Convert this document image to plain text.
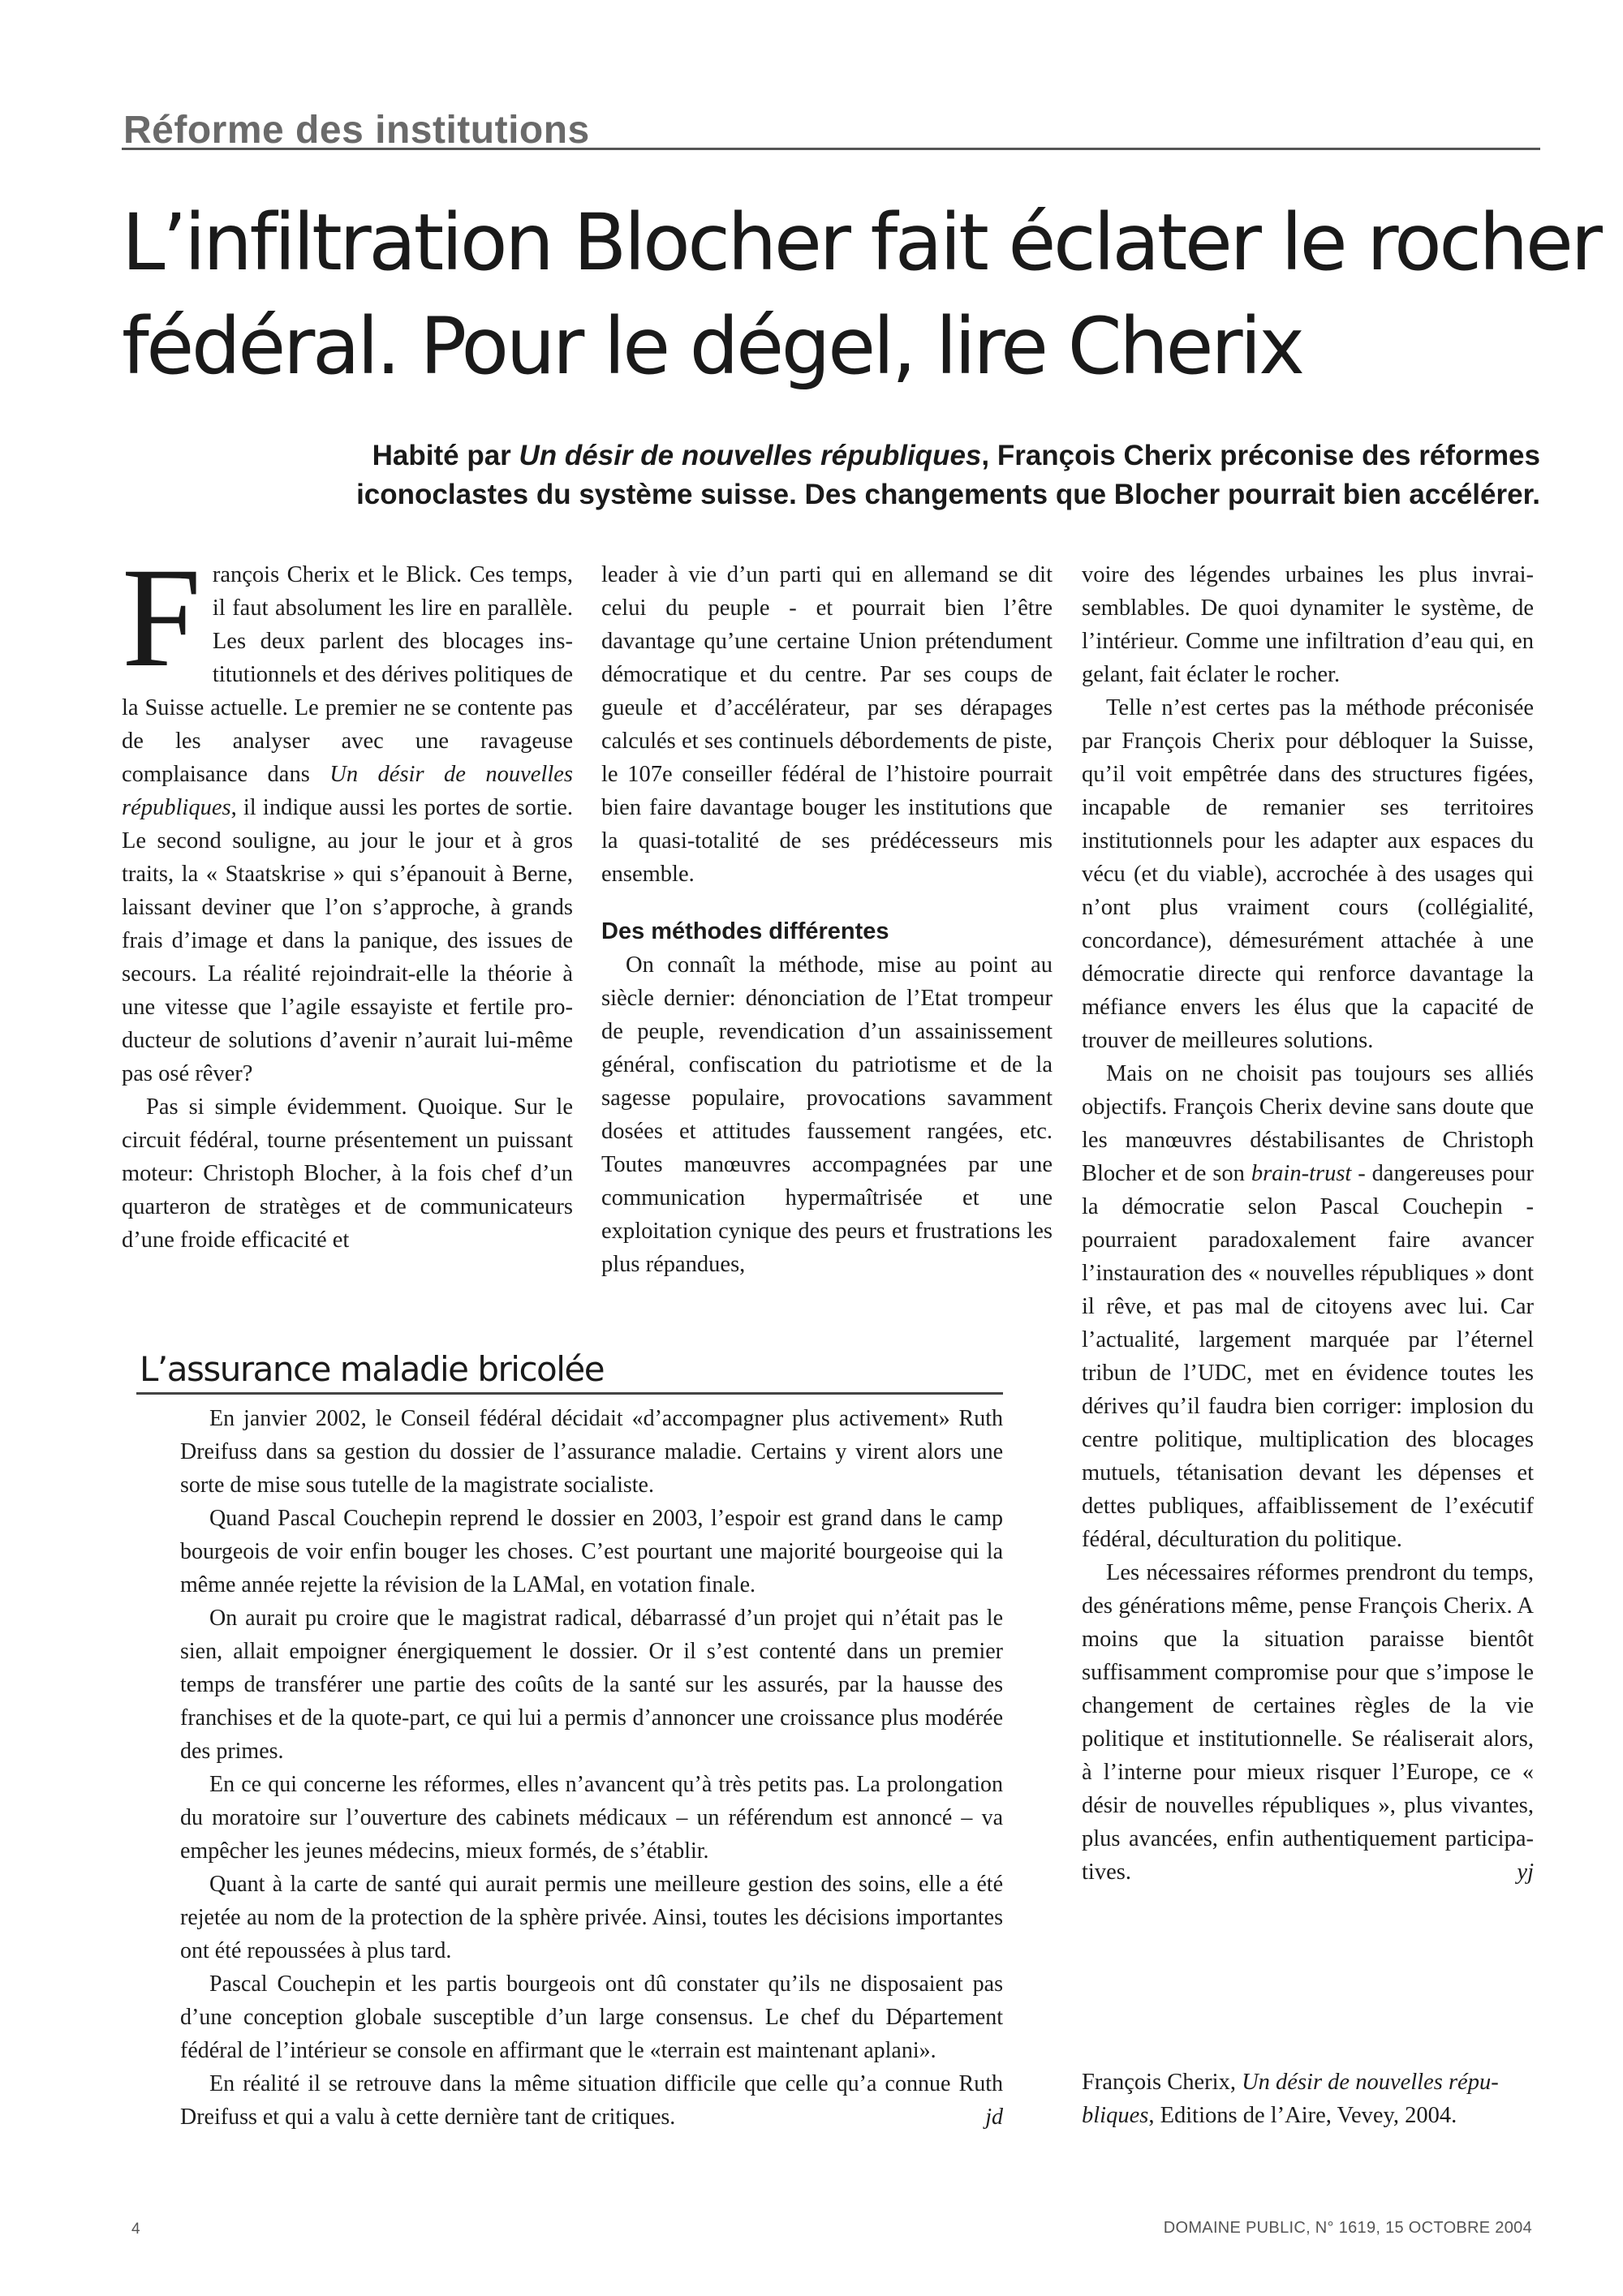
Réforme des institutions
L’infiltration Blocher fait éclater le rocher
fédéral. Pour le dégel, lire Cherix
Habité par Un désir de nouvelles républiques, François Cherix préconise des réformes
iconoclastes du système suisse. Des changements que Blocher pourrait bien accélérer.

François Cherix et le Blick. Ces temps, il faut absolument les lire en parallèle. Les deux parlent des blocages institutionnels et des dérives politiques de la Suisse actuelle. Le premier ne se contente pas de les analyser avec une ravageuse complaisance dans Un désir de nouvelles républiques, il indique aussi les portes de sortie. Le second souligne, au jour le jour et à gros traits, la « Staatskrise » qui s’épanouit à Berne, laissant deviner que l’on s’approche, à grands frais d’image et dans la panique, des issues de secours. La réalité rejoindrait-elle la théorie à une vitesse que l’agile essayiste et fertile producteur de solutions d’avenir n’aurait lui-même pas osé rêver?

Pas si simple évidemment. Quoique. Sur le circuit fédéral, tourne présentement un puissant moteur: Christoph Blocher, à la fois chef d’un quarteron de stratèges et de communicateurs d’une froide efficacité et

leader à vie d’un parti qui en allemand se dit celui du peuple - et pourrait bien l’être davantage qu’une certaine Union prétendument démocratique et du centre. Par ses coups de gueule et d’accélérateur, par ses dérapages calculés et ses continuels débordements de piste, le 107e conseiller fédéral de l’histoire pourrait bien faire davantage bouger les institutions que la quasi-totalité de ses prédécesseurs mis ensemble.

Des méthodes différentes

On connaît la méthode, mise au point au siècle dernier: dénonciation de l’Etat trompeur de peuple, revendication d’un assainissement général, confiscation du patriotisme et de la sagesse populaire, provocations savamment dosées et attitudes faussement rangées, etc. Toutes manœuvres accompagnées par une communication hypermaîtrisée et une exploitation cynique des peurs et frustrations les plus répandues,

voire des légendes urbaines les plus invraisemblables. De quoi dynamiter le système, de l’intérieur. Comme une infiltration d’eau qui, en gelant, fait éclater le rocher.

Telle n’est certes pas la méthode préconisée par François Cherix pour débloquer la Suisse, qu’il voit empêtrée dans des structures figées, incapable de remanier ses territoires institutionnels pour les adapter aux espaces du vécu (et du viable), accrochée à des usages qui n’ont plus vraiment cours (collégialité, concordance), démesurément attachée à une démocratie directe qui renforce davantage la méfiance envers les élus que la capacité de trouver de meilleures solutions.

Mais on ne choisit pas toujours ses alliés objectifs. François Cherix devine sans doute que les manœuvres déstabilisantes de Christoph Blocher et de son brain-trust - dangereuses pour la démocratie selon Pascal Couchepin - pourraient paradoxalement faire avancer l’instauration des « nouvelles républiques » dont il rêve, et pas mal de citoyens avec lui. Car l’actualité, largement marquée par l’éternel tribun de l’UDC, met en évidence toutes les dérives qu’il faudra bien corriger: implosion du centre politique, multiplication des blocages mutuels, tétanisation devant les dépenses et dettes publiques, affaiblissement de l’exécutif fédéral, déculturation du politique.

Les nécessaires réformes prendront du temps, des générations même, pense François Cherix. A moins que la situation paraisse bientôt suffisamment compromise pour que s’impose le changement de certaines règles de la vie politique et institutionnelle. Se réaliserait alors, à l’interne pour mieux risquer l’Europe, ce « désir de nouvelles républiques », plus vivantes, plus avancées, enfin authentiquement participatives.	yj

François Cherix, Un désir de nouvelles républiques, Editions de l’Aire, Vevey, 2004.
L’assurance maladie bricolée

En janvier 2002, le Conseil fédéral décidait «d’accompagner plus activement» Ruth Dreifuss dans sa gestion du dossier de l’assurance maladie. Certains y virent alors une sorte de mise sous tutelle de la magistrate socialiste.

Quand Pascal Couchepin reprend le dossier en 2003, l’espoir est grand dans le camp bourgeois de voir enfin bouger les choses. C’est pourtant une majorité bourgeoise qui la même année rejette la révision de la LAMal, en votation finale.

On aurait pu croire que le magistrat radical, débarrassé d’un projet qui n’était pas le sien, allait empoigner énergiquement le dossier. Or il s’est contenté dans un premier temps de transférer une partie des coûts de la santé sur les assurés, par la hausse des franchises et de la quote-part, ce qui lui a permis d’annoncer une croissance plus modérée des primes.

En ce qui concerne les réformes, elles n’avancent qu’à très petits pas. La prolongation du moratoire sur l’ouverture des cabinets médicaux – un référendum est annoncé – va empêcher les jeunes médecins, mieux formés, de s’établir.

Quant à la carte de santé qui aurait permis une meilleure gestion des soins, elle a été rejetée au nom de la protection de la sphère privée. Ainsi, toutes les décisions importantes ont été repoussées à plus tard.

Pascal Couchepin et les partis bourgeois ont dû constater qu’ils ne disposaient pas d’une conception globale susceptible d’un large consensus. Le chef du Département fédéral de l’intérieur se console en affirmant que le «terrain est maintenant aplani».

En réalité il se retrouve dans la même situation difficile que celle qu’a connue Ruth Dreifuss et qui a valu à cette dernière tant de critiques.	jd

4	DOMAINE PUBLIC, N° 1619, 15 OCTOBRE 2004
